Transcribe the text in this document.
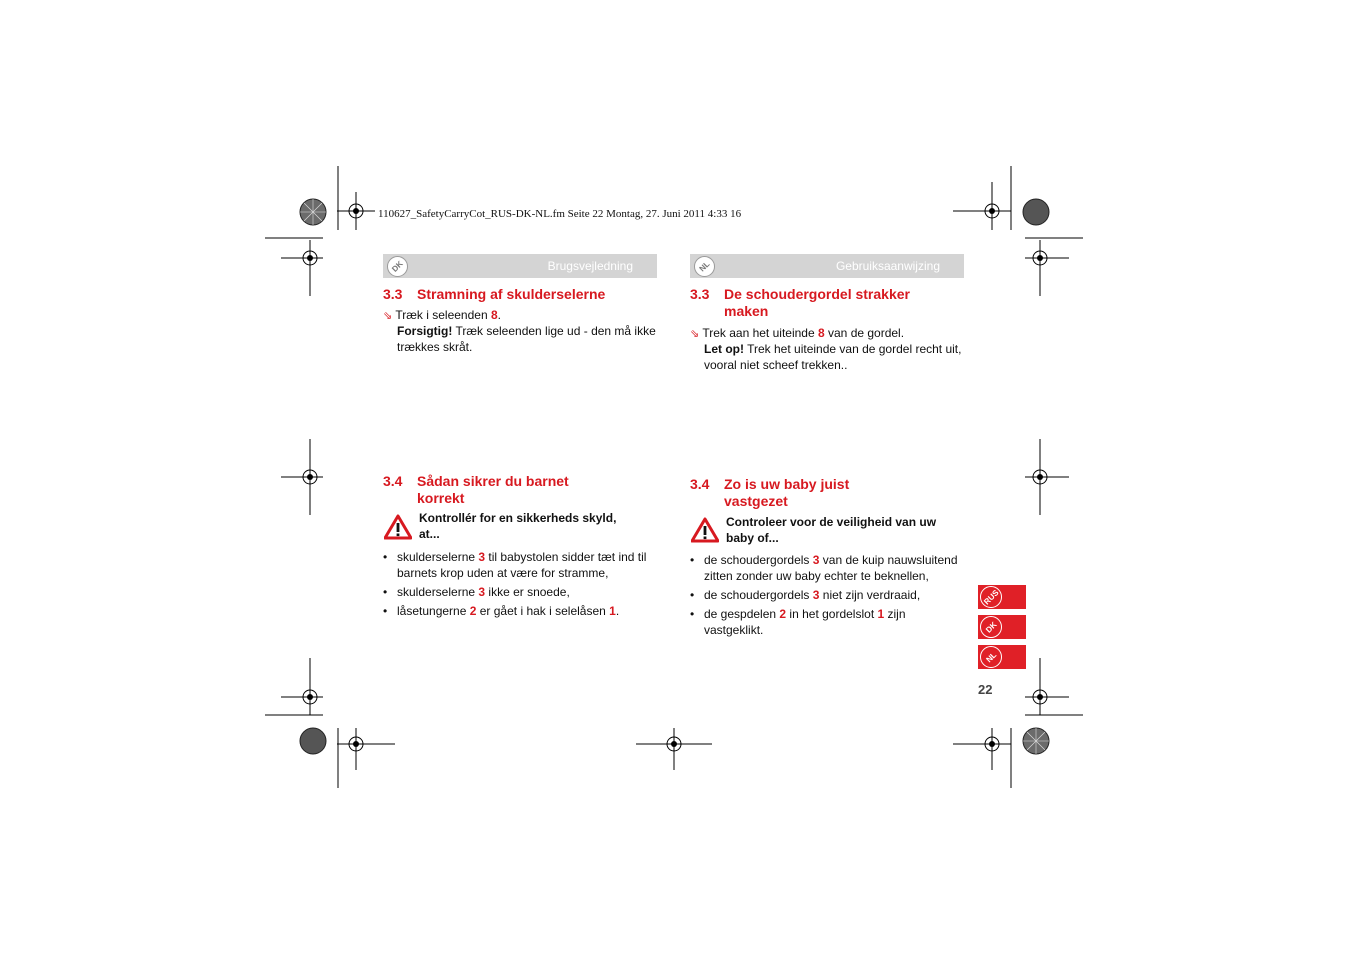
110627_SafetyCarryCot_RUS-DK-NL.fm Seite 22 Montag, 27. Juni 2011 4:33 16
DK	Brugsvejledning
3.3 Stramning af skulderselerne
⇘ Træk i seleenden 8.
Forsigtig! Træk seleenden lige ud - den må ikke
trækkes skråt.
3.4 Sådan sikrer du barnet
korrekt
Kontrollér for en sikkerheds skyld,
at...
• skulderselerne 3 til babystolen sidder tæt ind til
barnets krop uden at være for stramme,
• skulderselerne 3 ikke er snoede,
• låsetungerne 2 er gået i hak i selelåsen 1.
NL	Gebruiksaanwijzing
3.3 De schoudergordel strakker
maken
⇘ Trek aan het uiteinde 8 van de gordel.
Let op! Trek het uiteinde van de gordel recht uit,
vooral niet scheef trekken..
3.4 Zo is uw baby juist
vastgezet
Controleer voor de veiligheid van uw
baby of...
• de schoudergordels 3 van de kuip nauwsluitend
zitten zonder uw baby echter te beknellen,
• de schoudergordels 3 niet zijn verdraaid,
• de gespdelen 2 in het gordelslot 1 zijn
vastgeklikt.
RUS
DK
NL
22
